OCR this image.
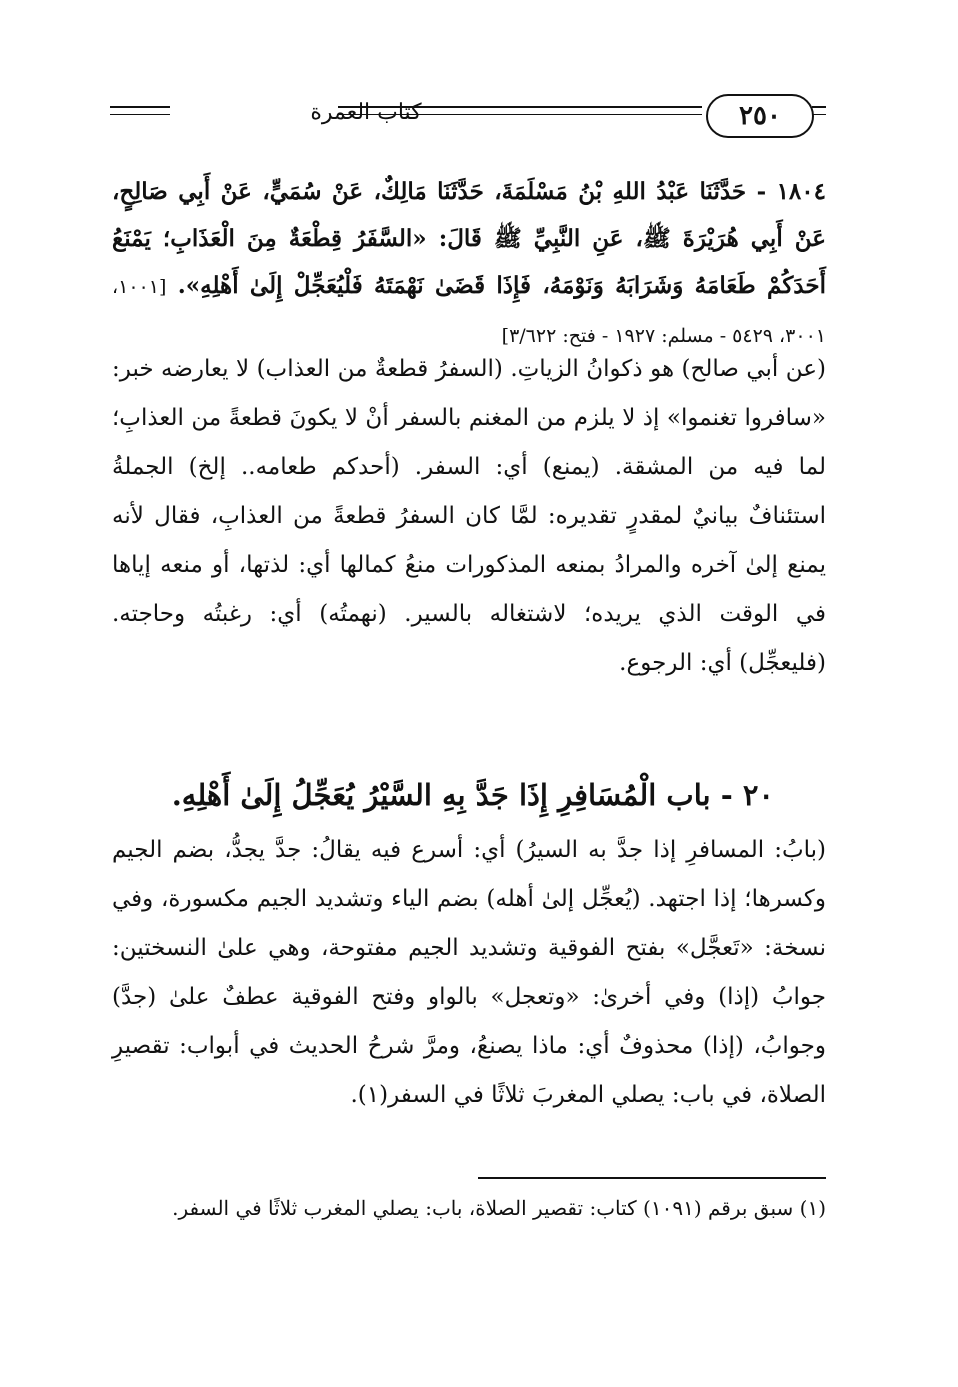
كتاب العمرة	٢٥٠
١٨٠٤ - حَدَّثَنَا عَبْدُ اللهِ بْنُ مَسْلَمَةَ، حَدَّثَنَا مَالِكٌ، عَنْ سُمَيٍّ، عَنْ أَبِي صَالِحٍ، عَنْ أَبِي هُرَيْرَةَ ﷺ، عَنِ النَّبِيِّ ﷺ قَالَ: «السَّفَرُ قِطْعَةٌ مِنَ الْعَذَابِ؛ يَمْنَعُ أَحَدَكُمْ طَعَامَهُ وَشَرَابَهُ وَنَوْمَهُ، فَإِذَا قَضَىٰ نَهْمَتَهُ فَلْيُعَجِّلْ إِلَىٰ أَهْلِهِ». [١٠٠١، ٣٠٠١، ٥٤٢٩ - مسلم: ١٩٢٧ - فتح: ٣/٦٢٢]
(عن أبي صالح) هو ذكوانُ الزياتِ. (السفرُ قطعةٌ من العذاب) لا يعارضه خبر: «سافروا تغنموا» إذ لا يلزم من المغنم بالسفر أنْ لا يكونَ قطعةً من العذابِ؛ لما فيه من المشقة. (يمنع) أي: السفر. (أحدكم طعامه.. إلخ) الجملةُ استئنافٌ بيانيٌ لمقدرٍ تقديره: لمَّا كان السفرُ قطعةً من العذابِ، فقال لأنه يمنع إلىٰ آخره والمرادُ بمنعه المذكورات منعُ كمالها أي: لذتها، أو منعه إياها في الوقت الذي يريده؛ لاشتغاله بالسير. (نهمتُه) أي: رغبتُه وحاجته. (فليعجِّل) أي: الرجوع.
٢٠ - باب الْمُسَافِرِ إِذَا جَدَّ بِهِ السَّيْرُ يُعَجِّلُ إِلَىٰ أَهْلِهِ.
(بابُ: المسافرِ إذا جدَّ به السيرُ) أي: أسرع فيه يقالُ: جدَّ يجدُّ، بضم الجيم وكسرها؛ إذا اجتهد. (يُعجِّل إلىٰ أهله) بضم الياء وتشديد الجيم مكسورة، وفي نسخة: «تَعجَّل» بفتح الفوقية وتشديد الجيم مفتوحة، وهي علىٰ النسختين: جوابُ (إذا) وفي أخرىٰ: «وتعجل» بالواو وفتح الفوقية عطفٌ علىٰ (جدَّ) وجوابُ، (إذا) محذوفٌ أي: ماذا يصنعُ، ومرَّ شرحُ الحديث في أبواب: تقصيرِ الصلاة، في باب: يصلي المغربَ ثلاثًا في السفر(١).
(١) سبق برقم (١٠٩١) كتاب: تقصير الصلاة، باب: يصلي المغرب ثلاثًا في السفر.
